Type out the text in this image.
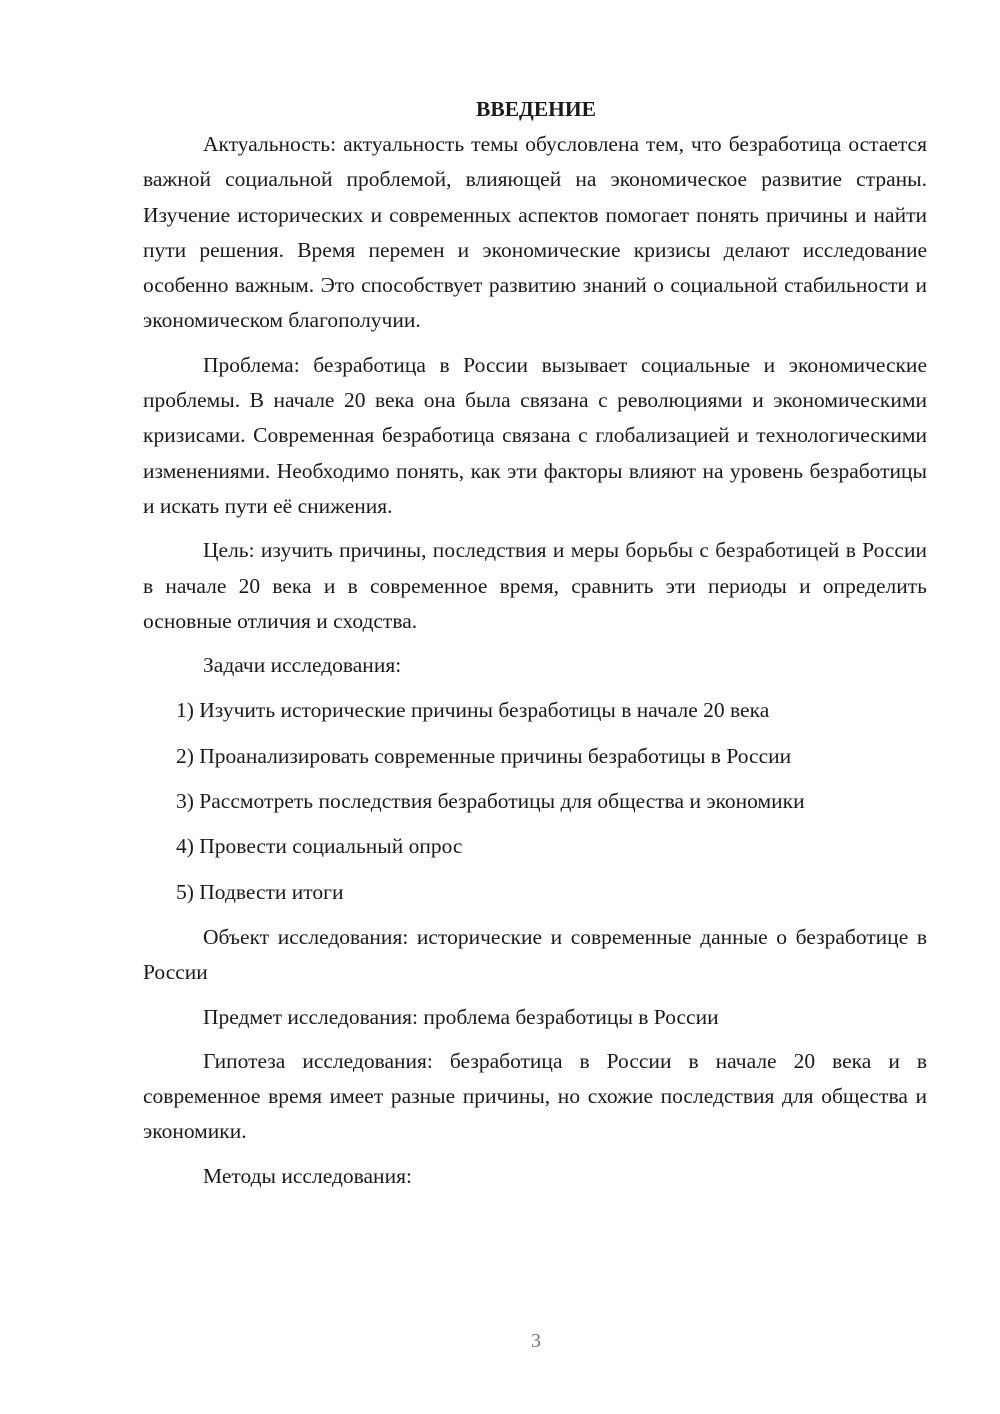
ВВЕДЕНИЕ

Актуальность: актуальность темы обусловлена тем, что безработица остается важной социальной проблемой, влияющей на экономическое развитие страны. Изучение исторических и современных аспектов помогает понять причины и найти пути решения. Время перемен и экономические кризисы делают исследование особенно важным. Это способствует развитию знаний о социальной стабильности и экономическом благополучии.

Проблема: безработица в России вызывает социальные и экономические проблемы. В начале 20 века она была связана с революциями и экономическими кризисами. Современная безработица связана с глобализацией и технологическими изменениями. Необходимо понять, как эти факторы влияют на уровень безработицы и искать пути её снижения.

Цель: изучить причины, последствия и меры борьбы с безработицей в России в начале 20 века и в современное время, сравнить эти периоды и определить основные отличия и сходства.

Задачи исследования:

1) Изучить исторические причины безработицы в начале 20 века
2) Проанализировать современные причины безработицы в России
3) Рассмотреть последствия безработицы для общества и экономики
4) Провести социальный опрос
5) Подвести итоги

Объект исследования: исторические и современные данные о безработице в России

Предмет исследования: проблема безработицы в России

Гипотеза исследования: безработица в России в начале 20 века и в современное время имеет разные причины, но схожие последствия для общества и экономики.

Методы исследования:

3
